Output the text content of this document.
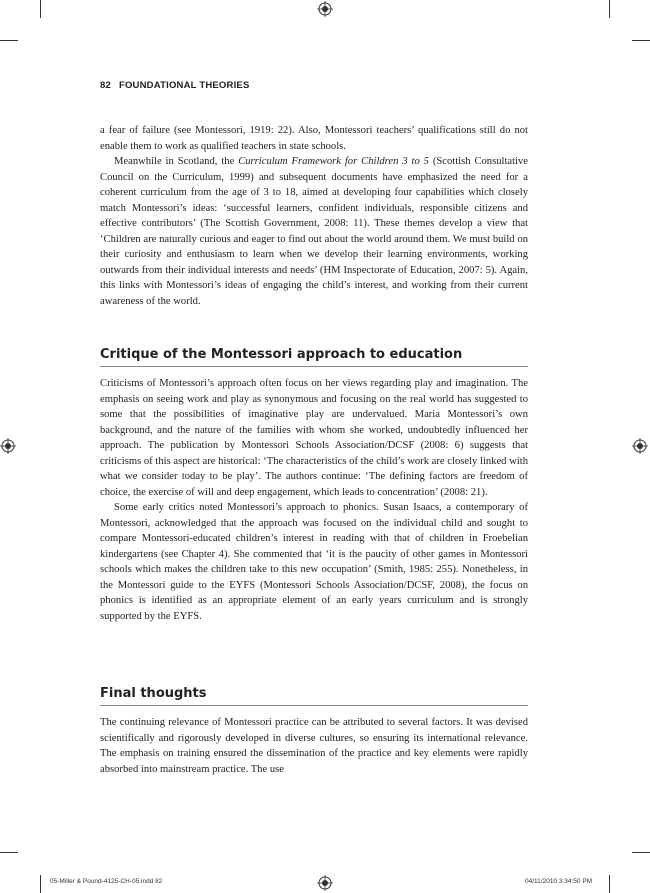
82 FOUNDATIONAL THEORIES

a fear of failure (see Montessori, 1919: 22). Also, Montessori teachers’ qualifications still do not enable them to work as qualified teachers in state schools.

Meanwhile in Scotland, the Curriculum Framework for Children 3 to 5 (Scottish Consultative Council on the Curriculum, 1999) and subsequent documents have emphasized the need for a coherent curriculum from the age of 3 to 18, aimed at developing four capabilities which closely match Montessori’s ideas: ‘successful learners, confident individuals, responsible citizens and effective contributors’ (The Scottish Government, 2008: 11). These themes develop a view that ‘Children are naturally curious and eager to find out about the world around them. We must build on their curiosity and enthusiasm to learn when we develop their learning environments, working outwards from their individual interests and needs’ (HM Inspectorate of Education, 2007: 5). Again, this links with Montessori’s ideas of engaging the child’s interest, and working from their current awareness of the world.

Critique of the Montessori approach to education

Criticisms of Montessori’s approach often focus on her views regarding play and imagination. The emphasis on seeing work and play as synonymous and focusing on the real world has suggested to some that the possibilities of imaginative play are undervalued. Maria Montessori’s own background, and the nature of the families with whom she worked, undoubtedly influenced her approach. The publication by Montessori Schools Association/DCSF (2008: 6) suggests that criticisms of this aspect are historical: ‘The characteristics of the child’s work are closely linked with what we consider today to be play’. The authors continue: ‘The defining factors are freedom of choice, the exercise of will and deep engagement, which leads to concentration’ (2008: 21).

Some early critics noted Montessori’s approach to phonics. Susan Isaacs, a contemporary of Montessori, acknowledged that the approach was focused on the individual child and sought to compare Montessori-educated children’s interest in reading with that of children in Froebelian kindergartens (see Chapter 4). She commented that ‘it is the paucity of other games in Montessori schools which makes the children take to this new occupation’ (Smith, 1985: 255). Nonetheless, in the Montessori guide to the EYFS (Montessori Schools Association/DCSF, 2008), the focus on phonics is identified as an appropriate element of an early years curriculum and is strongly supported by the EYFS.

Final thoughts

The continuing relevance of Montessori practice can be attributed to several factors. It was devised scientifically and rigorously developed in diverse cultures, so ensuring its international relevance. The emphasis on training ensured the dissemination of the practice and key elements were rapidly absorbed into mainstream practice. The use

05-Miller & Pound-4125-CH-05.indd 82	04/11/2010 3:34:50 PM
